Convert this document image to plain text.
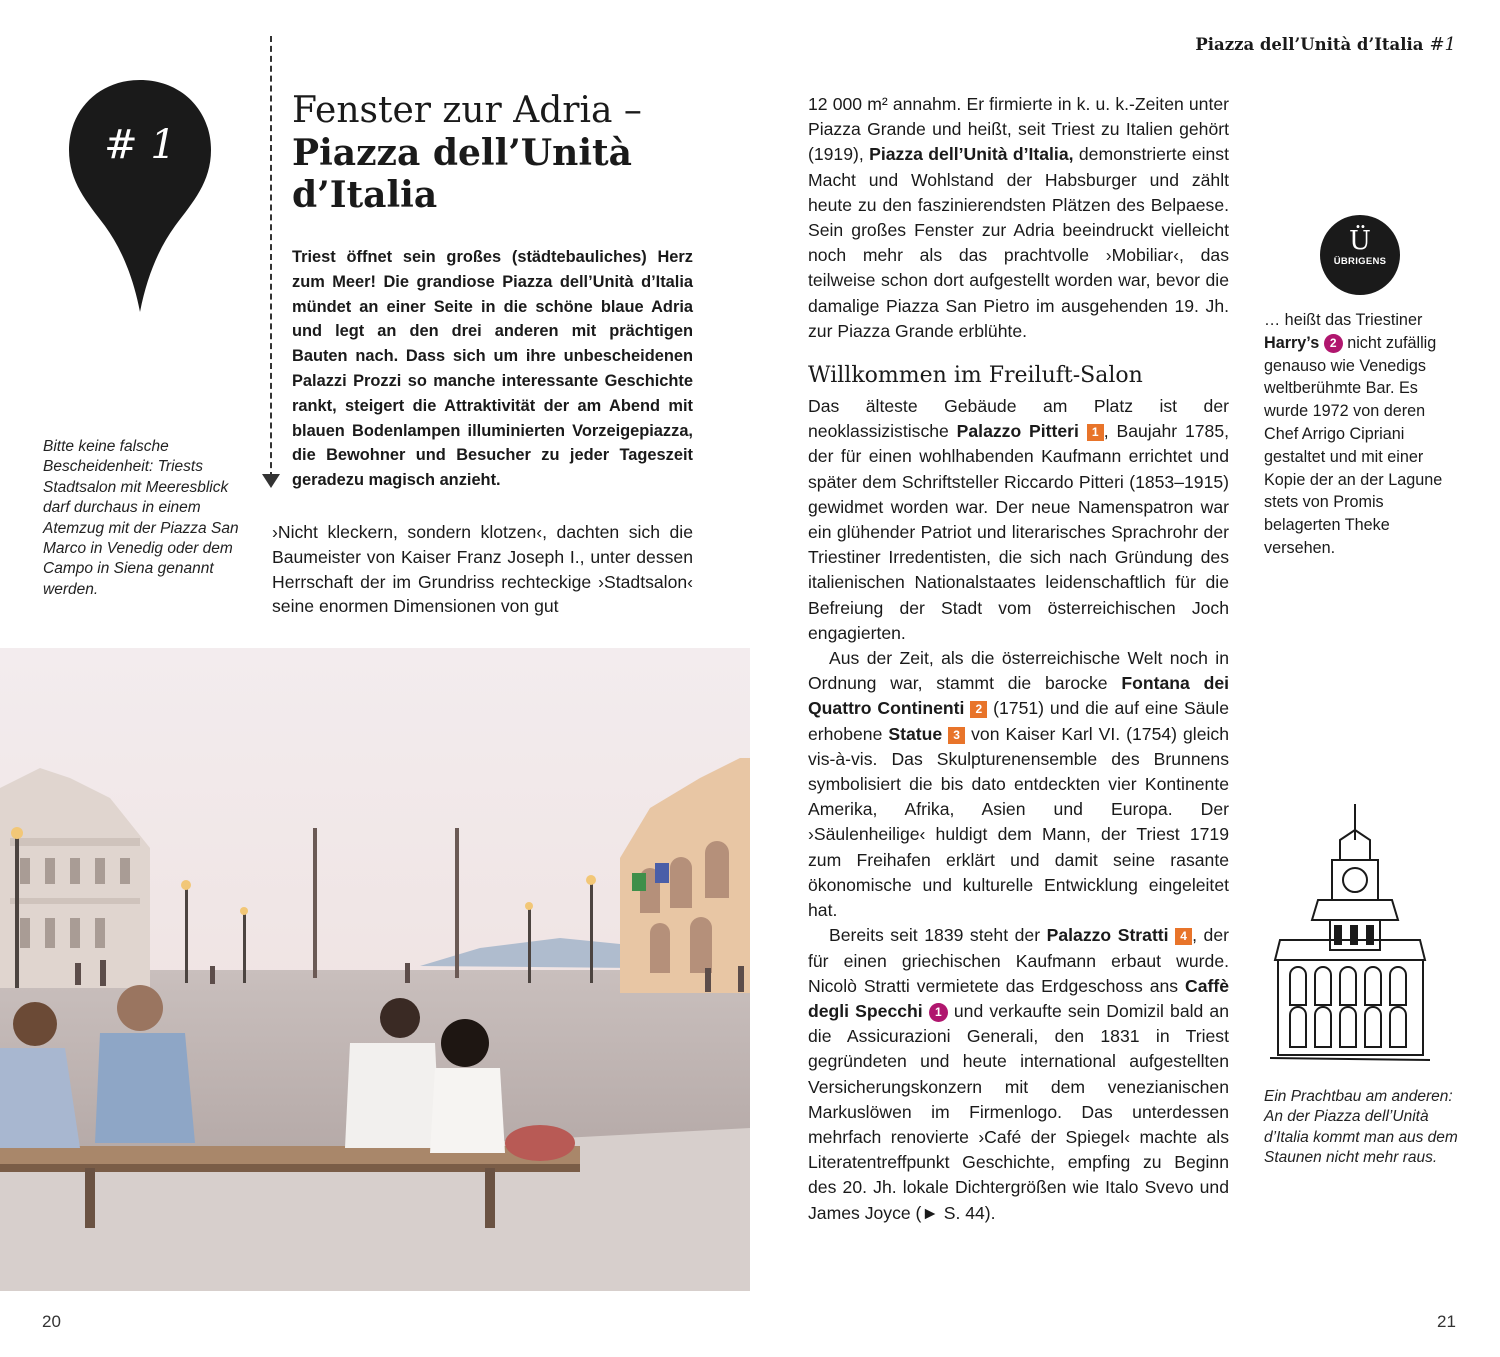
# 1
Fenster zur Adria –
Piazza dell’Unità
d’Italia
Triest öffnet sein großes (städtebauliches) Herz zum Meer! Die grandiose Piazza dell’Unità d’Italia mündet an einer Seite in die schöne blaue Adria und legt an den drei anderen mit prächtigen Bauten nach. Dass sich um ihre unbescheidenen Palazzi Prozzi so manche interessante Geschichte rankt, steigert die Attraktivität der am Abend mit blauen Bodenlampen illuminierten Vorzeigepiazza, die Bewohner und Besucher zu jeder Tageszeit geradezu magisch anzieht.
›Nicht kleckern, sondern klotzen‹, dachten sich die Baumeister von Kaiser Franz Joseph I., unter dessen Herrschaft der im Grundriss rechteckige ›Stadtsalon‹ seine enormen Dimensionen von gut
Bitte keine falsche Bescheidenheit: Triests Stadtsalon mit Meeresblick darf durchaus in einem Atemzug mit der Piazza San Marco in Venedig oder dem Campo in Siena genannt werden.
20
Piazza dell’Unità d’Italia #1

12 000 m² annahm. Er firmierte in k. u. k.-Zeiten unter Piazza Grande und heißt, seit Triest zu Italien gehört (1919), Piazza dell’Unità d’Italia, demonstrierte einst Macht und Wohlstand der Habsburger und zählt heute zu den faszinierendsten Plätzen des Belpaese. Sein großes Fenster zur Adria beeindruckt vielleicht noch mehr als das prachtvolle ›Mobiliar‹, das teilweise schon dort aufgestellt worden war, bevor die damalige Piazza San Pietro im ausgehenden 19. Jh. zur Piazza Grande erblühte.

Willkommen im Freiluft-Salon

Das älteste Gebäude am Platz ist der neoklassizistische Palazzo Pitteri 1 , Baujahr 1785, der für einen wohlhabenden Kaufmann errichtet und später dem Schriftsteller Riccardo Pitteri (1853–1915) gewidmet worden war. Der neue Namenspatron war ein glühender Patriot und literarisches Sprachrohr der Triestiner Irredentisten, die sich nach Gründung des italienischen Nationalstaates leidenschaftlich für die Befreiung der Stadt vom österreichischen Joch engagierten.

Aus der Zeit, als die österreichische Welt noch in Ordnung war, stammt die barocke Fontana dei Quattro Continenti 2 (1751) und die auf eine Säule erhobene Statue 3 von Kaiser Karl VI. (1754) gleich vis-à-vis. Das Skulpturenensemble des Brunnens symbolisiert die bis dato entdeckten vier Kontinente Amerika, Afrika, Asien und Europa. Der ›Säulenheilige‹ huldigt dem Mann, der Triest 1719 zum Freihafen erklärt und damit seine rasante ökonomische und kulturelle Entwicklung eingeleitet hat.

Bereits seit 1839 steht der Palazzo Stratti 4 , der für einen griechischen Kaufmann erbaut wurde. Nicolò Stratti vermietete das Erdgeschoss ans Caffè degli Specchi 1 und verkaufte sein Domizil bald an die Assicurazioni Generali, den 1831 in Triest gegründeten und heute international aufgestellten Versicherungskonzern mit dem venezianischen Markuslöwen im Firmenlogo. Das unterdessen mehrfach renovierte ›Café der Spiegel‹ machte als Literatentreffpunkt Geschichte, empfing zu Beginn des 20. Jh. lokale Dichtergrößen wie Italo Svevo und James Joyce (► S. 44).

Ü
ÜBRIGENS
… heißt das Triestiner Harry’s 2 nicht zufällig genauso wie Venedigs weltberühmte Bar. Es wurde 1972 von deren Chef Arrigo Cipriani gestaltet und mit einer Kopie der an der Lagune stets von Promis belagerten Theke versehen.
Ein Prachtbau am anderen: An der Piazza dell’Unità d’Italia kommt man aus dem Staunen nicht mehr raus.
21
